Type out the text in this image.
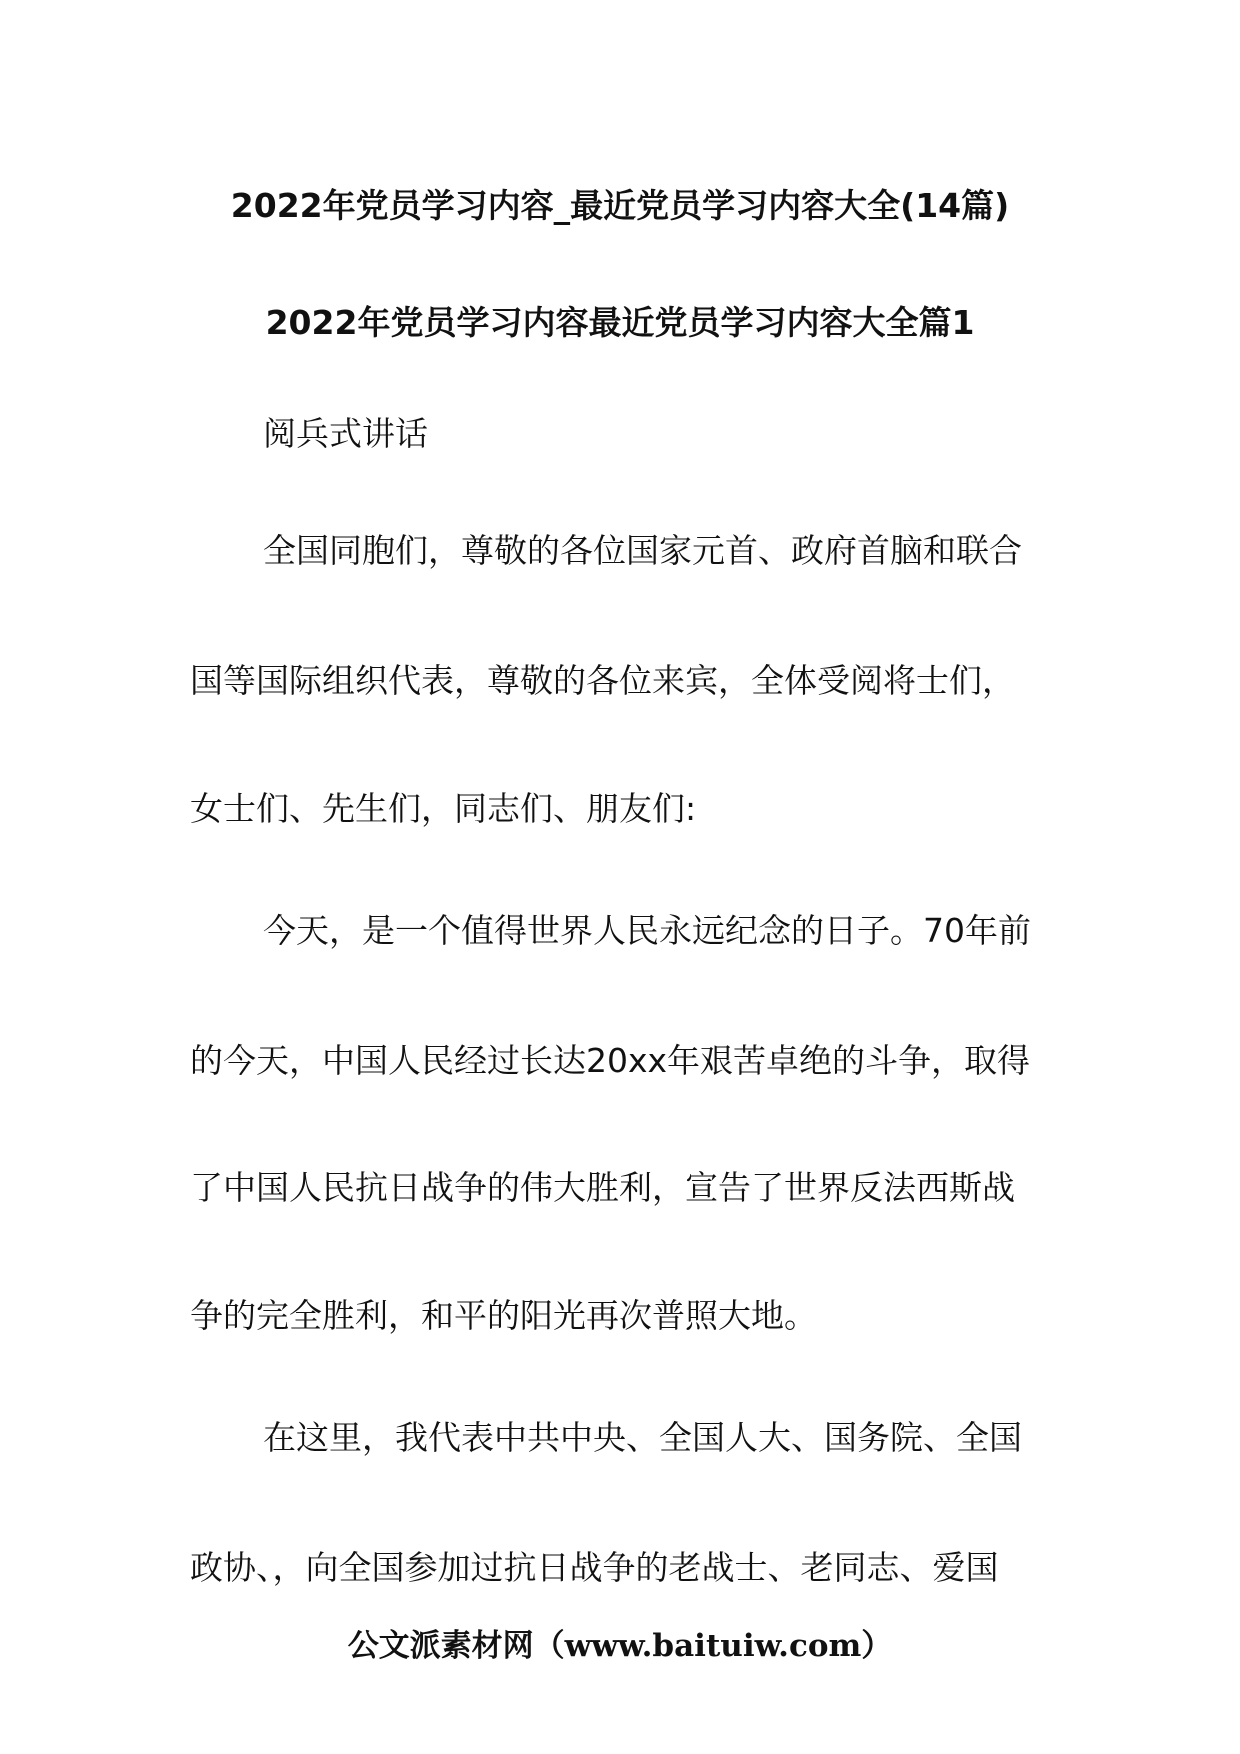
2022年党员学习内容_最近党员学习内容大全(14篇)
2022年党员学习内容最近党员学习内容大全篇1

阅兵式讲话

全国同胞们，尊敬的各位国家元首、政府首脑和联合

国等国际组织代表，尊敬的各位来宾，全体受阅将士们，

女士们、先生们，同志们、朋友们:

今天，是一个值得世界人民永远纪念的日子。70年前

的今天，中国人民经过长达20xx年艰苦卓绝的斗争，取得

了中国人民抗日战争的伟大胜利，宣告了世界反法西斯战

争的完全胜利，和平的阳光再次普照大地。

在这里，我代表中共中央、全国人大、国务院、全国

政协、，向全国参加过抗日战争的老战士、老同志、爱国

公文派素材网（www.baituiw.com）
